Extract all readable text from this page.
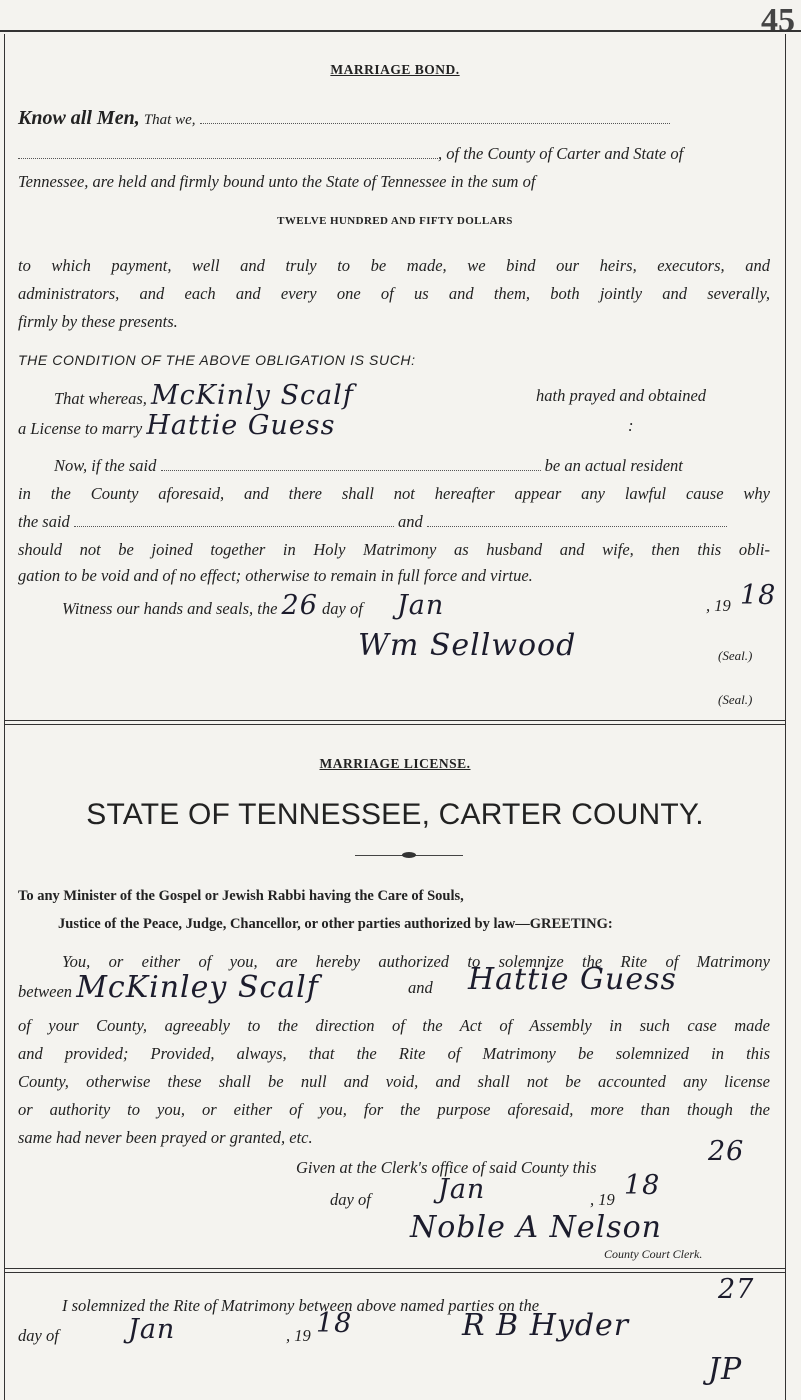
45
MARRIAGE BOND.
Know all Men, That we,
, of the County of Carter and State of
Tennessee, are held and firmly bound unto the State of Tennessee in the sum of
TWELVE HUNDRED AND FIFTY DOLLARS
to which payment, well and truly to be made, we bind our heirs, executors, and
administrators, and each and every one of us and them, both jointly and severally,
firmly by these presents.
THE CONDITION OF THE ABOVE OBLIGATION IS SUCH:
That whereas, McKinly Scalf	hath prayed and obtained
a License to marry Hattie Guess	:
Now, if the said	be an actual resident
in the County aforesaid, and there shall not hereafter appear any lawful cause why
the said	and
should not be joined together in Holy Matrimony as husband and wife, then this obli-
gation to be void and of no effect; otherwise to remain in full force and virtue.
Witness our hands and seals, the 26 day of Jan	, 19 18
Wm Sellwood	(Seal.)
(Seal.)
MARRIAGE LICENSE.
STATE OF TENNESSEE, CARTER COUNTY.
To any Minister of the Gospel or Jewish Rabbi having the Care of Souls,
Justice of the Peace, Judge, Chancellor, or other parties authorized by law—GREETING:
You, or either of you, are hereby authorized to solemnize the Rite of Matrimony
between McKinley Scalf	and Hattie Guess
of your County, agreeably to the direction of the Act of Assembly in such case made
and provided; Provided, always, that the Rite of Matrimony be solemnized in this
County, otherwise these shall be null and void, and shall not be accounted any license
or authority to you, or either of you, for the purpose aforesaid, more than though the
same had never been prayed or granted, etc.
Given at the Clerk's office of said County this
26
day of Jan	, 19 18
Noble A Nelson
County Court Clerk.
I solemnized the Rite of Matrimony between above named parties on the
27
day of	Jan	, 19 18	R B Hyder
JP
